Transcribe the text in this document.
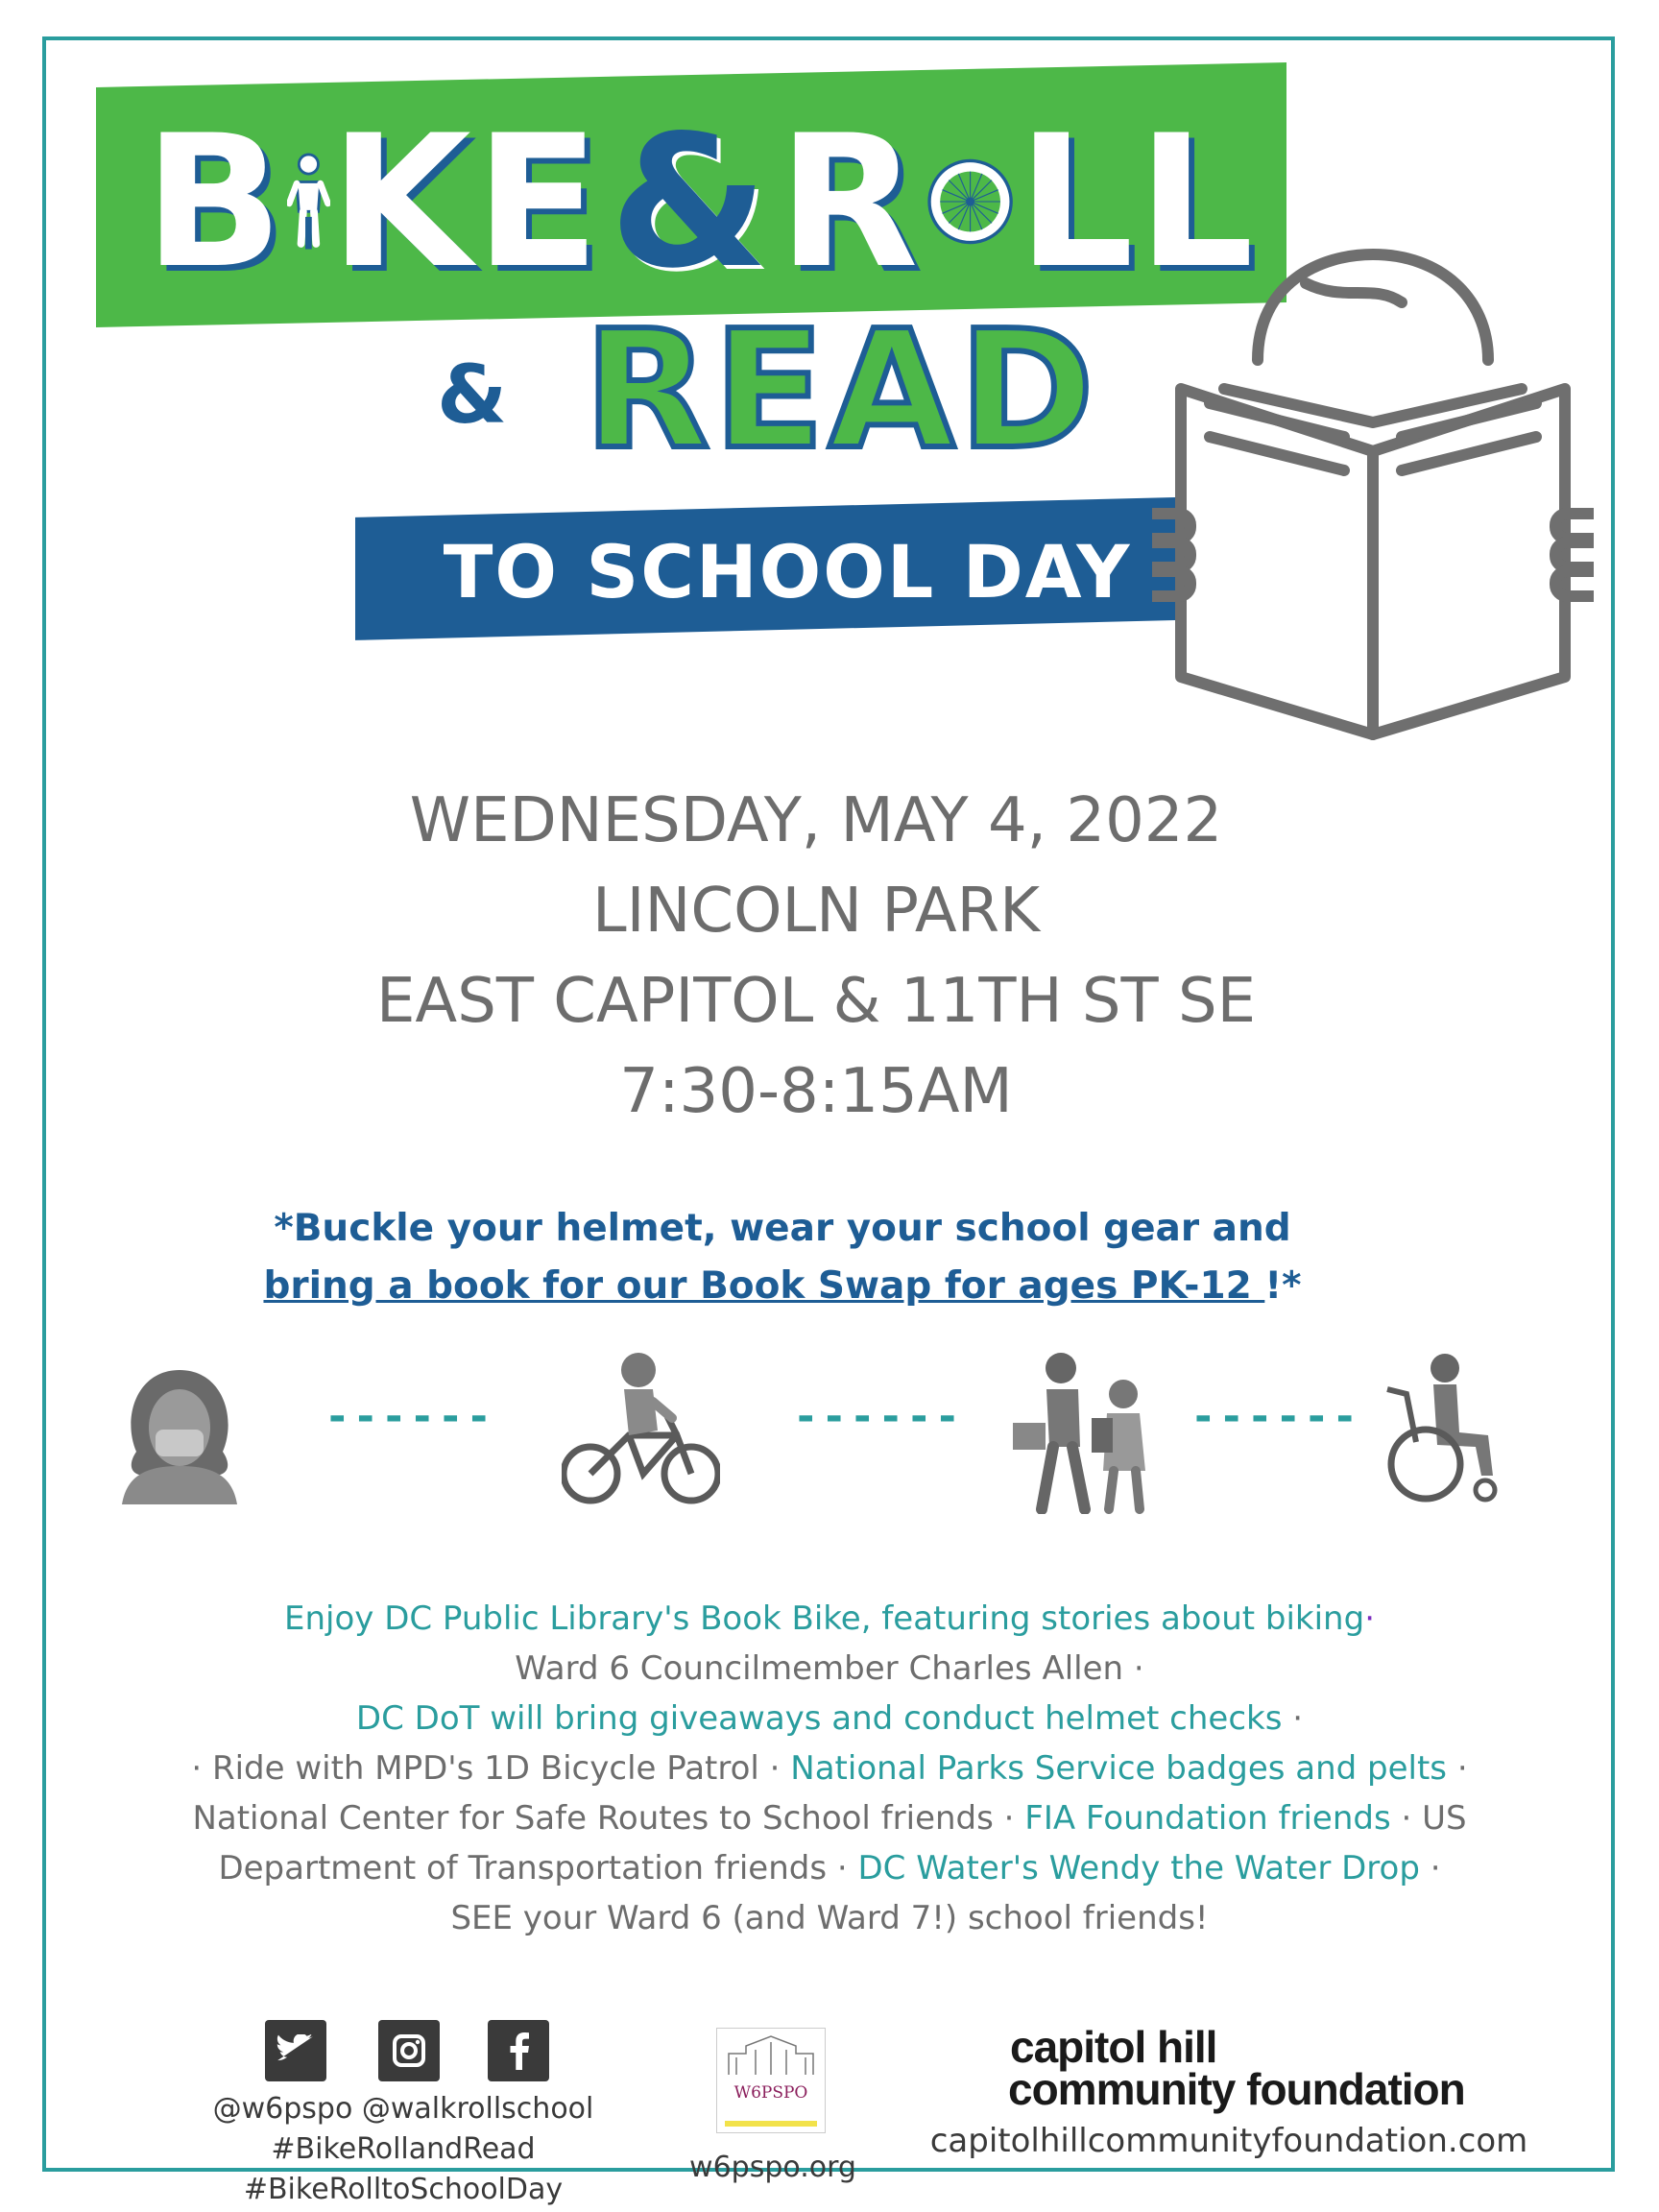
B KE & R LL
& READ
TO SCHOOL DAY
WEDNESDAY, MAY 4, 2022
LINCOLN PARK
EAST CAPITOL & 11TH ST SE
7:30-8:15AM
*Buckle your helmet, wear your school gear and
bring a book for our Book Swap for ages PK-12 !*
------	------	------
Enjoy DC Public Library's Book Bike, featuring stories about biking·
Ward 6 Councilmember Charles Allen ·
DC DoT will bring giveaways and conduct helmet checks ·
· Ride with MPD's 1D Bicycle Patrol · National Parks Service badges and pelts ·
National Center for Safe Routes to School friends · FIA Foundation friends · US
Department of Transportation friends · DC Water's Wendy the Water Drop ·
SEE your Ward 6 (and Ward 7!) school friends!
@w6pspo @walkrollschool
#BikeRollandRead
#BikeRolltoSchoolDay
W6PSPO
w6pspo.org
capitol hill
community foundation
capitolhillcommunityfoundation.com
